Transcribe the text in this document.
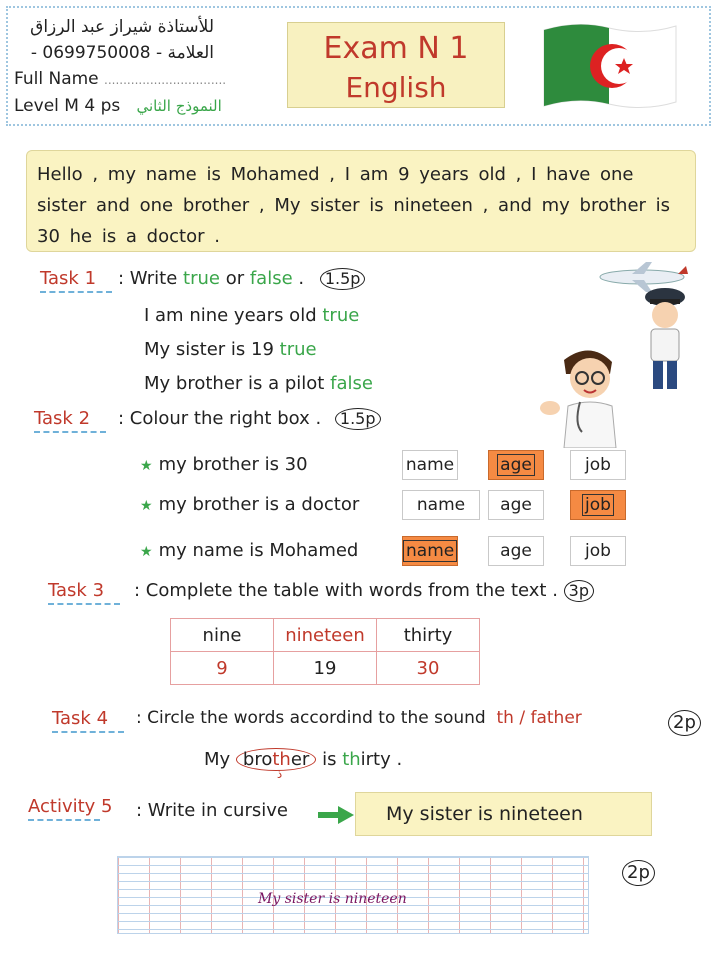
للأستاذة شيراز عبد الرزاق
العلامة - 0699750008 -
Full Name ................................
Level M 4 ps النموذج الثاني
Exam N 1
English
Hello , my name is Mohamed , I am 9 years old , I have one sister and one brother , My sister is nineteen , and my brother is 30 he is a doctor .
Task 1	: Write true or false . 1.5p
I am nine years old true
My sister is 19 true
My brother is a pilot false
Task 2	: Colour the right box . 1.5p
★ my brother is 30	name	age	job
★ my brother is a doctor	name	age	job
★ my name is Mohamed	name	age	job
Task 3	: Complete the table with words from the text . 3p
nine	nineteen	thirty
9	19	30
Task 4	: Circle the words accordind to the sound th / father	2p
My brother
ذ
is thirty .
Activity 5 : Write in cursive	My sister is nineteen
2p
My sister is nineteen
